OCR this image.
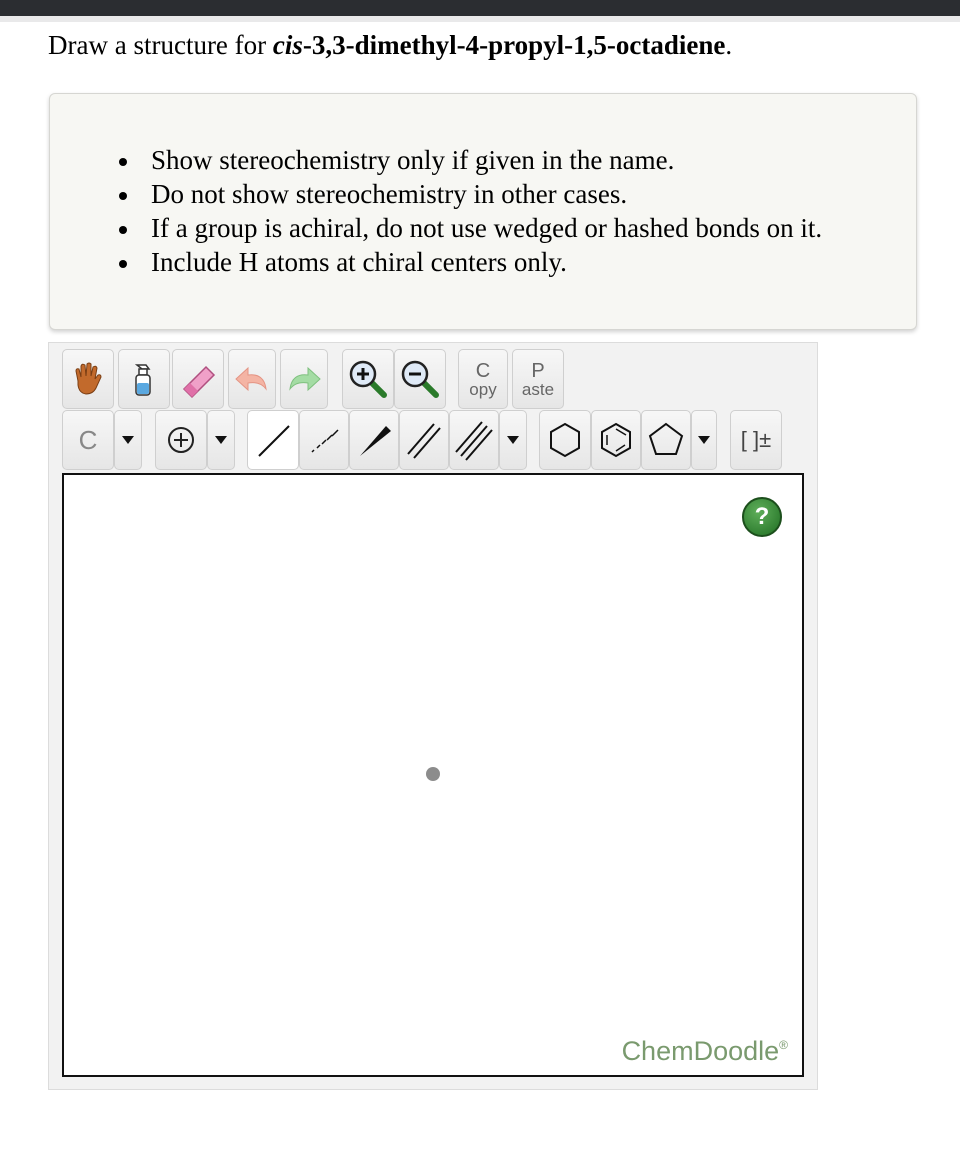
Draw a structure for cis-3,3-dimethyl-4-propyl-1,5-octadiene.
Show stereochemistry only if given in the name.
Do not show stereochemistry in other cases.
If a group is achiral, do not use wedged or hashed bonds on it.
Include H atoms at chiral centers only.
C
opy
P
aste
C	[ ]±
?
ChemDoodle®
